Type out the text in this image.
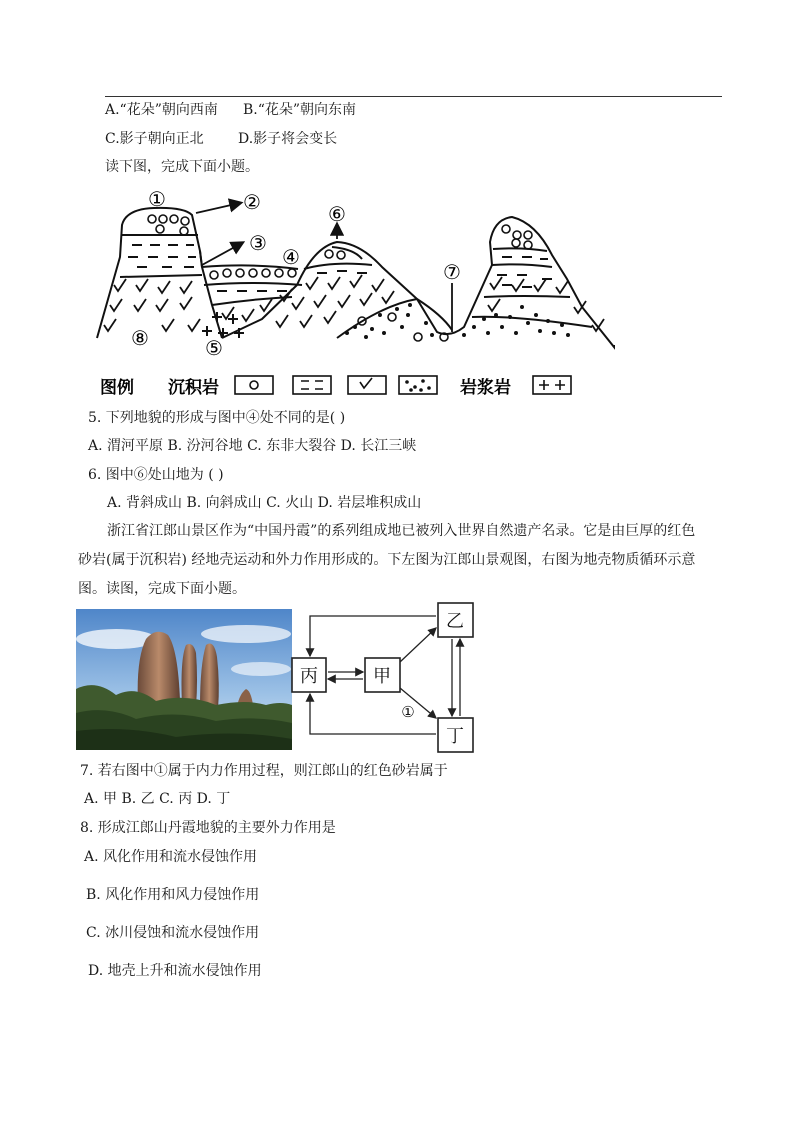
A.“花朵”朝向西南 B.“花朵”朝向东南
C.影子朝向正北 D.影子将会变长
读下图，完成下面小题。
①	②
③
④
⑤
⑥
⑦
⑧
图例 沉积岩	岩浆岩
5. 下列地貌的形成与图中④处不同的是( )
A. 渭河平原 B. 汾河谷地 C. 东非大裂谷 D. 长江三峡
6. 图中⑥处山地为 ( )
A. 背斜成山 B. 向斜成山 C. 火山 D. 岩层堆积成山
浙江省江郎山景区作为“中国丹霞”的系列组成地已被列入世界自然遗产名录。它是由巨厚的红色
砂岩(属于沉积岩) 经地壳运动和外力作用形成的。下左图为江郎山景观图，右图为地壳物质循环示意
图。读图，完成下面小题。
乙
丙	甲
丁
①
7. 若右图中①属于内力作用过程，则江郎山的红色砂岩属于
A. 甲 B. 乙 C. 丙 D. 丁
8. 形成江郎山丹霞地貌的主要外力作用是
A. 风化作用和流水侵蚀作用
B. 风化作用和风力侵蚀作用
C. 冰川侵蚀和流水侵蚀作用
D. 地壳上升和流水侵蚀作用
